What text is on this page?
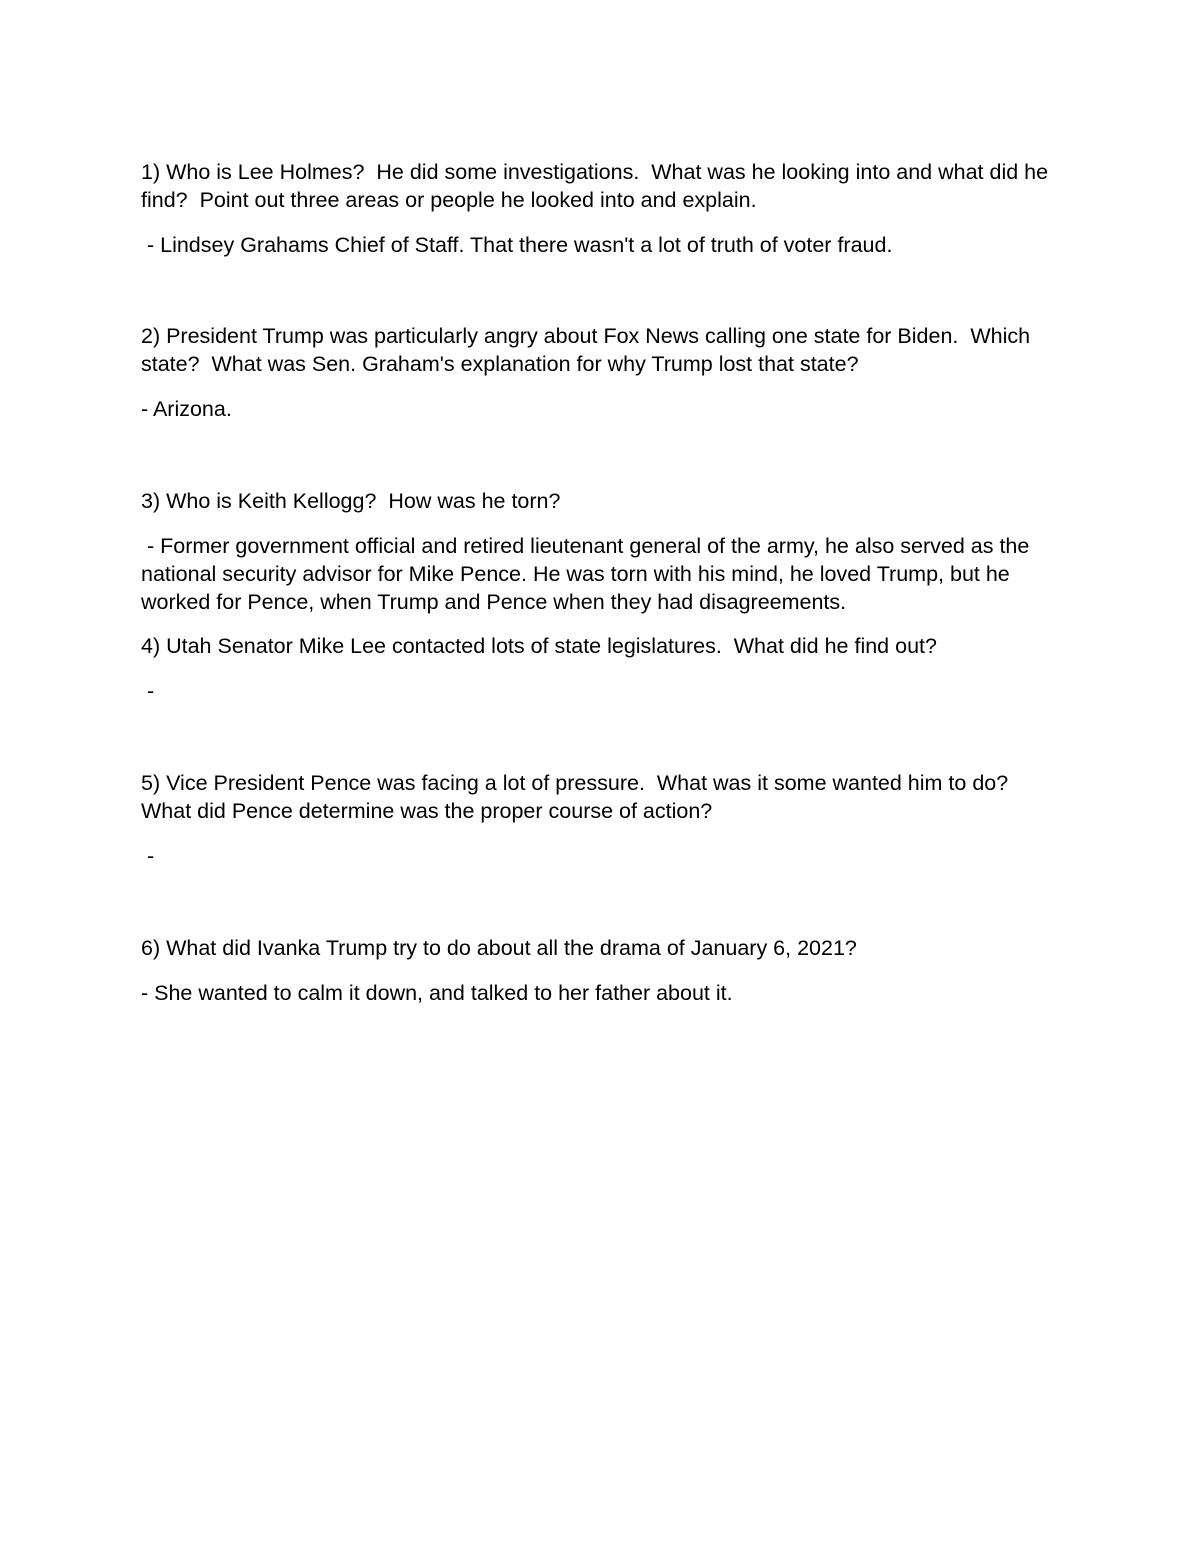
1) Who is Lee Holmes?  He did some investigations.  What was he looking into and what did he find?  Point out three areas or people he looked into and explain.

- Lindsey Grahams Chief of Staff. That there wasn't a lot of truth of voter fraud.

2) President Trump was particularly angry about Fox News calling one state for Biden.  Which state?  What was Sen. Graham's explanation for why Trump lost that state?

- Arizona.

3) Who is Keith Kellogg?  How was he torn?

- Former government official and retired lieutenant general of the army, he also served as the national security advisor for Mike Pence. He was torn with his mind, he loved Trump, but he worked for Pence, when Trump and Pence when they had disagreements.

4) Utah Senator Mike Lee contacted lots of state legislatures.  What did he find out?

-

5) Vice President Pence was facing a lot of pressure.  What was it some wanted him to do?  What did Pence determine was the proper course of action?

-

6) What did Ivanka Trump try to do about all the drama of January 6, 2021?

- She wanted to calm it down, and talked to her father about it.
